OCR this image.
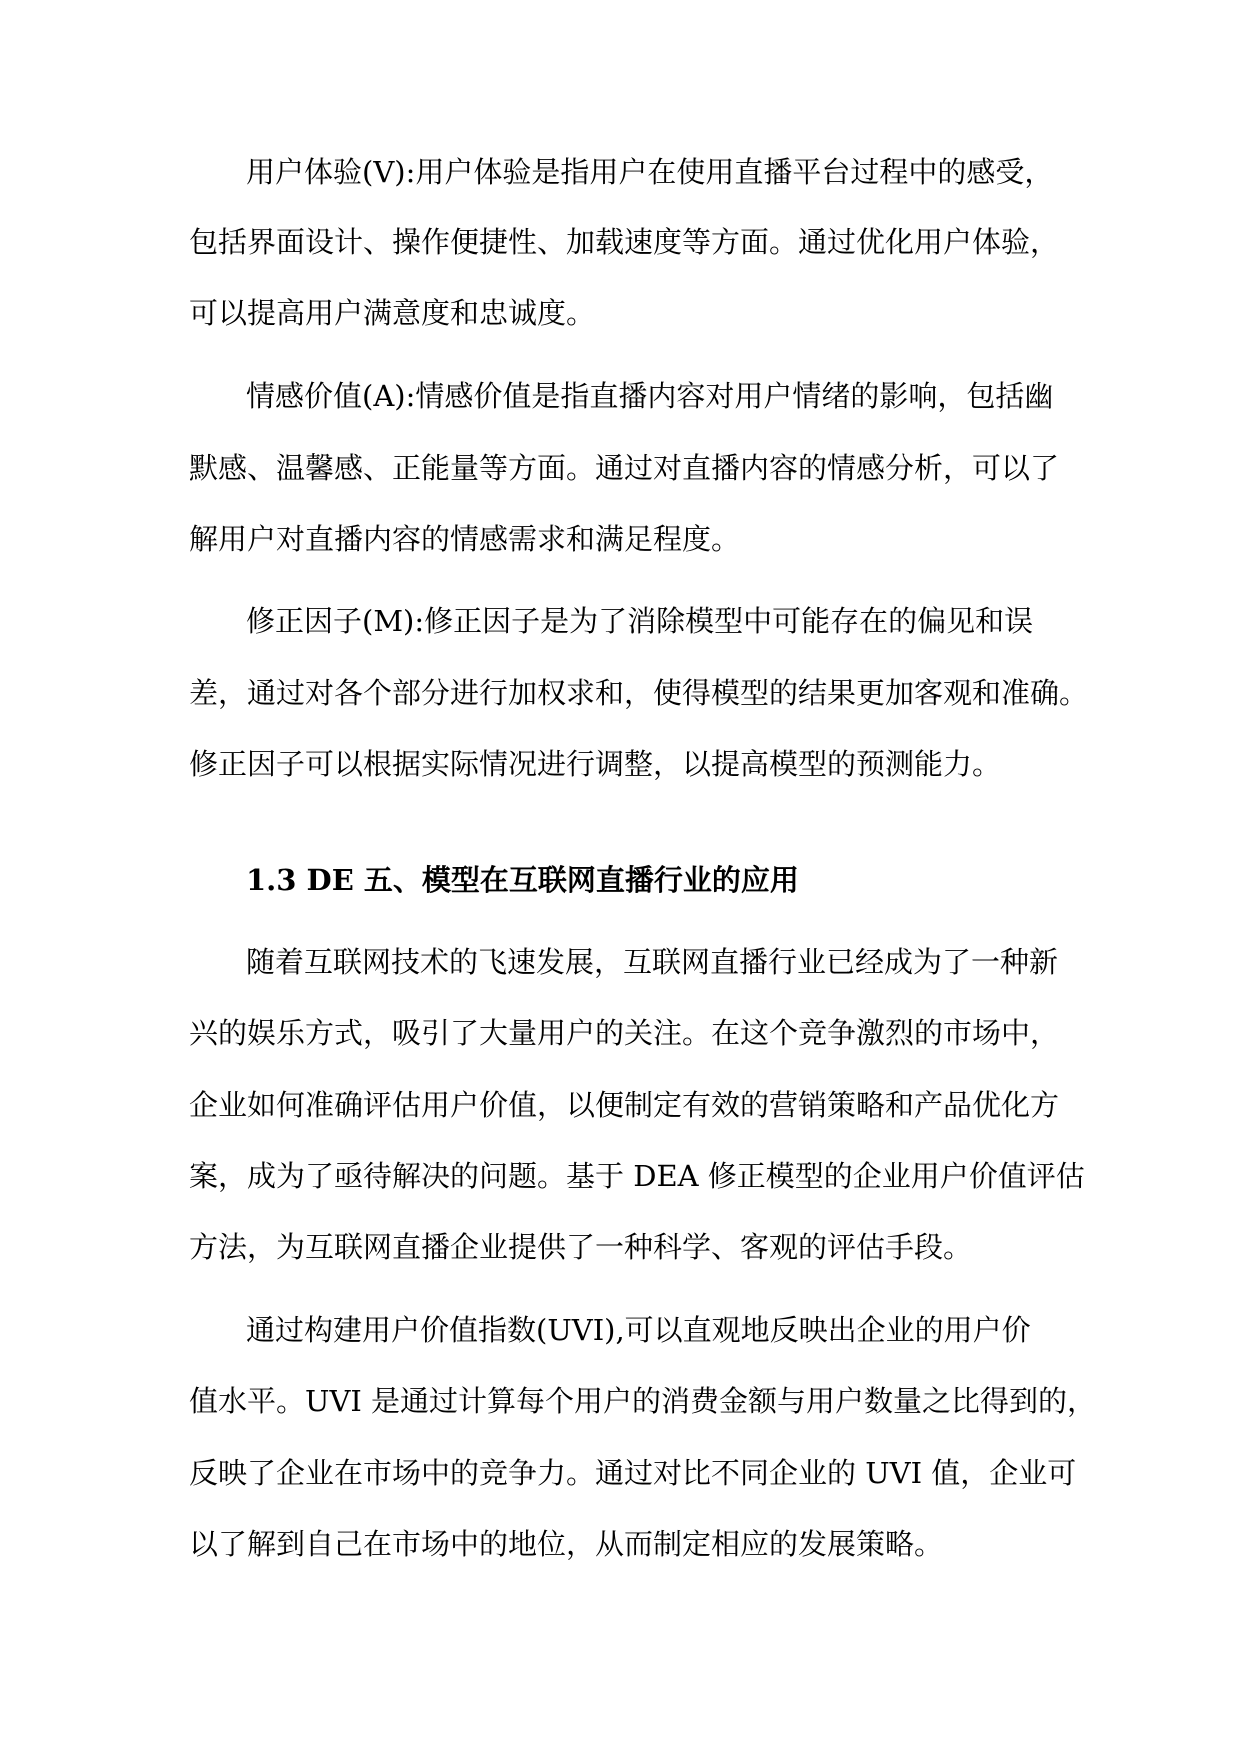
用户体验(V):用户体验是指用户在使用直播平台过程中的感受，
包括界面设计、操作便捷性、加载速度等方面。通过优化用户体验，
可以提高用户满意度和忠诚度。
情感价值(A):情感价值是指直播内容对用户情绪的影响，包括幽
默感、温馨感、正能量等方面。通过对直播内容的情感分析，可以了
解用户对直播内容的情感需求和满足程度。
修正因子(M):修正因子是为了消除模型中可能存在的偏见和误
差，通过对各个部分进行加权求和，使得模型的结果更加客观和准确。
修正因子可以根据实际情况进行调整，以提高模型的预测能力。
1.3 DE 五、模型在互联网直播行业的应用
随着互联网技术的飞速发展，互联网直播行业已经成为了一种新
兴的娱乐方式，吸引了大量用户的关注。在这个竞争激烈的市场中，
企业如何准确评估用户价值，以便制定有效的营销策略和产品优化方
案，成为了亟待解决的问题。基于 DEA 修正模型的企业用户价值评估
方法，为互联网直播企业提供了一种科学、客观的评估手段。
通过构建用户价值指数(UVI),可以直观地反映出企业的用户价
值水平。UVI 是通过计算每个用户的消费金额与用户数量之比得到的，
反映了企业在市场中的竞争力。通过对比不同企业的 UVI 值，企业可
以了解到自己在市场中的地位，从而制定相应的发展策略。
